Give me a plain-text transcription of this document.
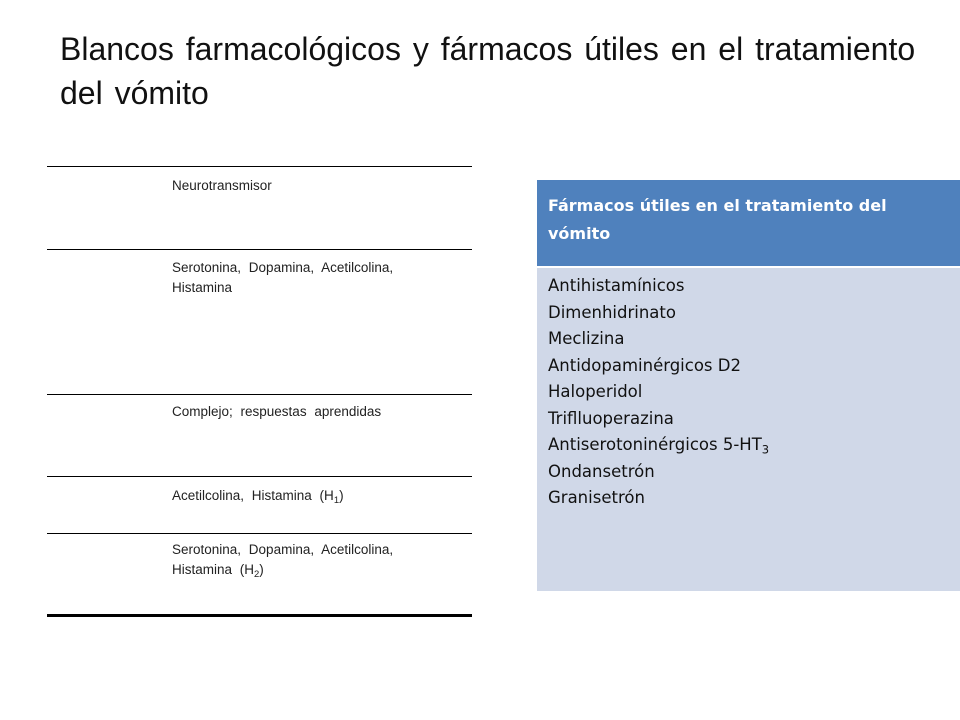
Blancos farmacológicos y fármacos útiles en el tratamiento del vómito
Neurotransmisor
Serotonina, Dopamina, Acetilcolina, Histamina
Complejo; respuestas aprendidas
Acetilcolina, Histamina $(H_1)$
Serotonina, Dopamina, Acetilcolina, Histamina $(H_2)$
Fármacos útiles en el tratamiento del vómito
Antihistamínicos
Dimenhidrinato
Meclizina
Antidopaminérgicos D2
Haloperidol
Triflluoperazina
Antiserotoninérgicos $5-HT_3$
Ondansetrón
Granisetrón
